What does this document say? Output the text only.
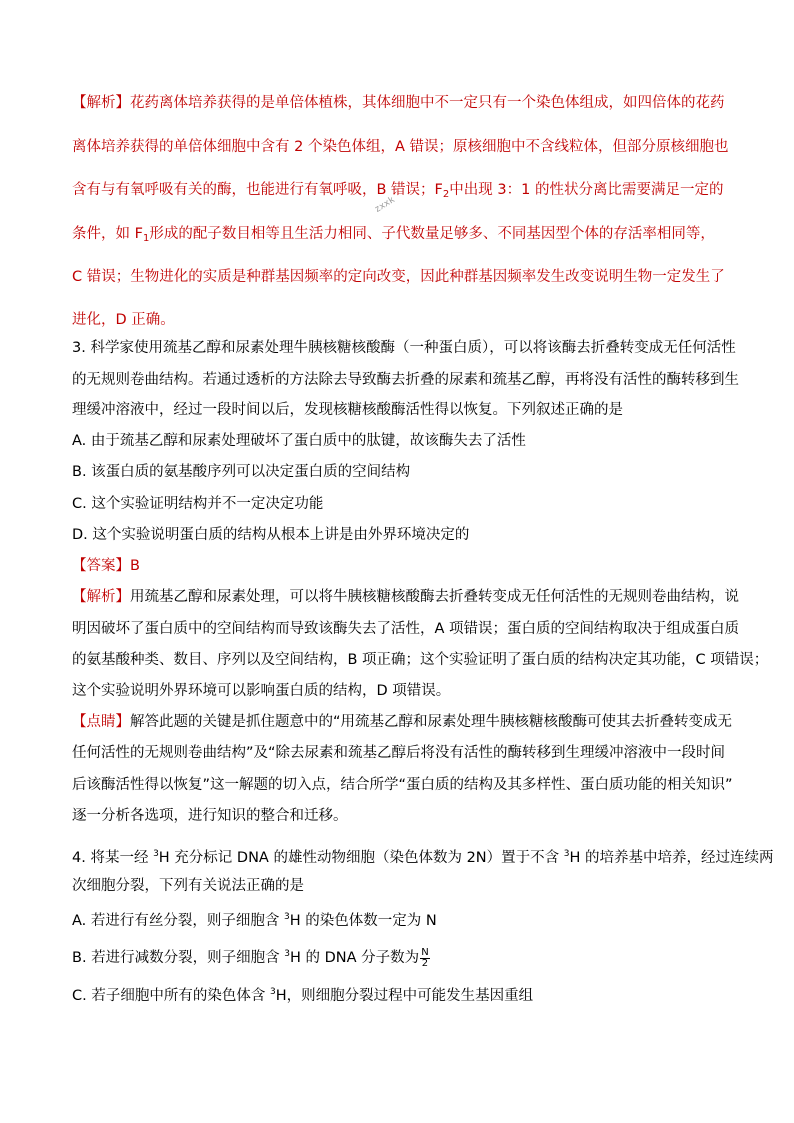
zxxk
【解析】花药离体培养获得的是单倍体植株，其体细胞中不一定只有一个染色体组成，如四倍体的花药
离体培养获得的单倍体细胞中含有 2 个染色体组，A 错误；原核细胞中不含线粒体，但部分原核细胞也
含有与有氧呼吸有关的酶，也能进行有氧呼吸，B 错误；$F_2$中出现 3：1 的性状分离比需要满足一定的
条件，如 $F_1$形成的配子数目相等且生活力相同、子代数量足够多、不同基因型个体的存活率相同等，
C 错误；生物进化的实质是种群基因频率的定向改变，因此种群基因频率发生改变说明生物一定发生了
进化，D 正确。
3. 科学家使用巯基乙醇和尿素处理牛胰核糖核酸酶（一种蛋白质），可以将该酶去折叠转变成无任何活性
的无规则卷曲结构。若通过透析的方法除去导致酶去折叠的尿素和巯基乙醇，再将没有活性的酶转移到生
理缓冲溶液中，经过一段时间以后，发现核糖核酸酶活性得以恢复。下列叙述正确的是
A. 由于巯基乙醇和尿素处理破坏了蛋白质中的肽键，故该酶失去了活性
B. 该蛋白质的氨基酸序列可以决定蛋白质的空间结构
C. 这个实验证明结构并不一定决定功能
D. 这个实验说明蛋白质的结构从根本上讲是由外界环境决定的
【答案】B
【解析】用巯基乙醇和尿素处理，可以将牛胰核糖核酸酶去折叠转变成无任何活性的无规则卷曲结构，说
明因破坏了蛋白质中的空间结构而导致该酶失去了活性，A 项错误；蛋白质的空间结构取决于组成蛋白质
的氨基酸种类、数目、序列以及空间结构，B 项正确；这个实验证明了蛋白质的结构决定其功能，C 项错误；
这个实验说明外界环境可以影响蛋白质的结构，D 项错误。
【点睛】解答此题的关键是抓住题意中的“用巯基乙醇和尿素处理牛胰核糖核酸酶可使其去折叠转变成无
任何活性的无规则卷曲结构”及“除去尿素和巯基乙醇后将没有活性的酶转移到生理缓冲溶液中一段时间
后该酶活性得以恢复”这一解题的切入点，结合所学“蛋白质的结构及其多样性、蛋白质功能的相关知识”
逐一分析各选项，进行知识的整合和迁移。
4. 将某一经 $^3$H 充分标记 DNA 的雄性动物细胞（染色体数为 2N）置于不含 $^3$H 的培养基中培养，经过连续两
次细胞分裂，下列有关说法正确的是
A. 若进行有丝分裂，则子细胞含 $^3$H 的染色体数一定为 N
B. 若进行减数分裂，则子细胞含 $^3$H 的 DNA 分子数为 $\frac{N}{2}$
C. 若子细胞中所有的染色体含 $^3$H，则细胞分裂过程中可能发生基因重组
